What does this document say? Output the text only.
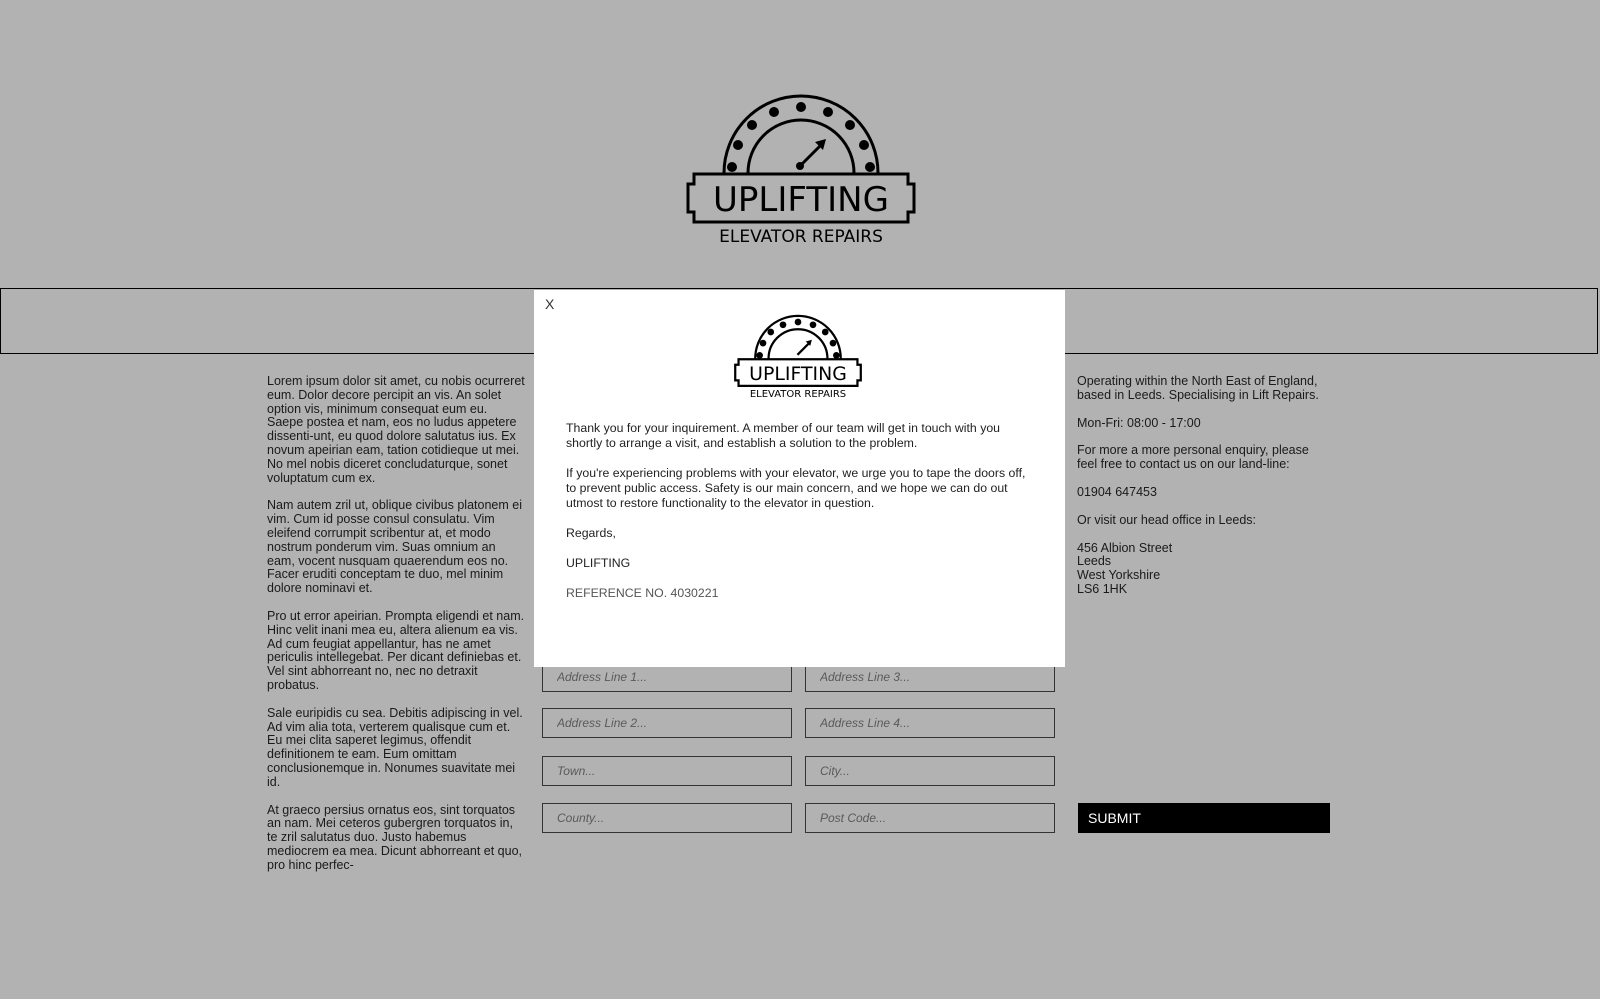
UPLIFTING
ELEVATOR REPAIRS

Lorem ipsum dolor sit amet, cu nobis ocurreret eum. Dolor decore percipit an vis. An solet option vis, minimum consequat eum eu. Saepe postea et nam, eos no ludus appetere dissenti-unt, eu quod dolore salutatus ius. Ex novum apeirian eam, tation cotidieque ut mei. No mel nobis diceret concludaturque, sonet voluptatum cum ex.

Nam autem zril ut, oblique civibus platonem ei vim. Cum id posse consul consulatu. Vim eleifend corrumpit scribentur at, et modo nostrum ponderum vim. Suas omnium an eam, vocent nusquam quaerendum eos no. Facer eruditi conceptam te duo, mel minim dolore nominavi et.

Pro ut error apeirian. Prompta eligendi et nam. Hinc velit inani mea eu, altera alienum ea vis. Ad cum feugiat appellantur, has ne amet periculis intellegebat. Per dicant definiebas et. Vel sint abhorreant no, nec no detraxit probatus.

Sale euripidis cu sea. Debitis adipiscing in vel. Ad vim alia tota, verterem qualisque cum et. Eu mei clita saperet legimus, offendit definitionem te eam. Eum omittam conclusionemque in. Nonumes suavitate mei id.

At graeco persius ornatus eos, sint torquatos an nam. Mei ceteros gubergren torquatos in, te zril salutatus duo. Justo habemus mediocrem ea mea. Dicunt abhorreant et quo, pro hinc perfec-

Operating within the North East of England, based in Leeds. Specialising in Lift Repairs.

Mon-Fri: 08:00 - 17:00

For more a more personal enquiry, please feel free to contact us on our land-line:

01904 647453

Or visit our head office in Leeds:

456 Albion Street
Leeds
West Yorkshire
LS6 1HK

Address Line 1...
Address Line 3...
Address Line 2...
Address Line 4...
Town...
City...
County...
Post Code...
SUBMIT
X
UPLIFTING
ELEVATOR REPAIRS

Thank you for your inquirement. A member of our team will get in touch with you shortly to arrange a visit, and establish a solution to the problem.

If you're experiencing problems with your elevator, we urge you to tape the doors off, to prevent public access. Safety is our main concern, and we hope we can do out utmost to restore functionality to the elevator in question.

Regards,

UPLIFTING

REFERENCE NO. 4030221
